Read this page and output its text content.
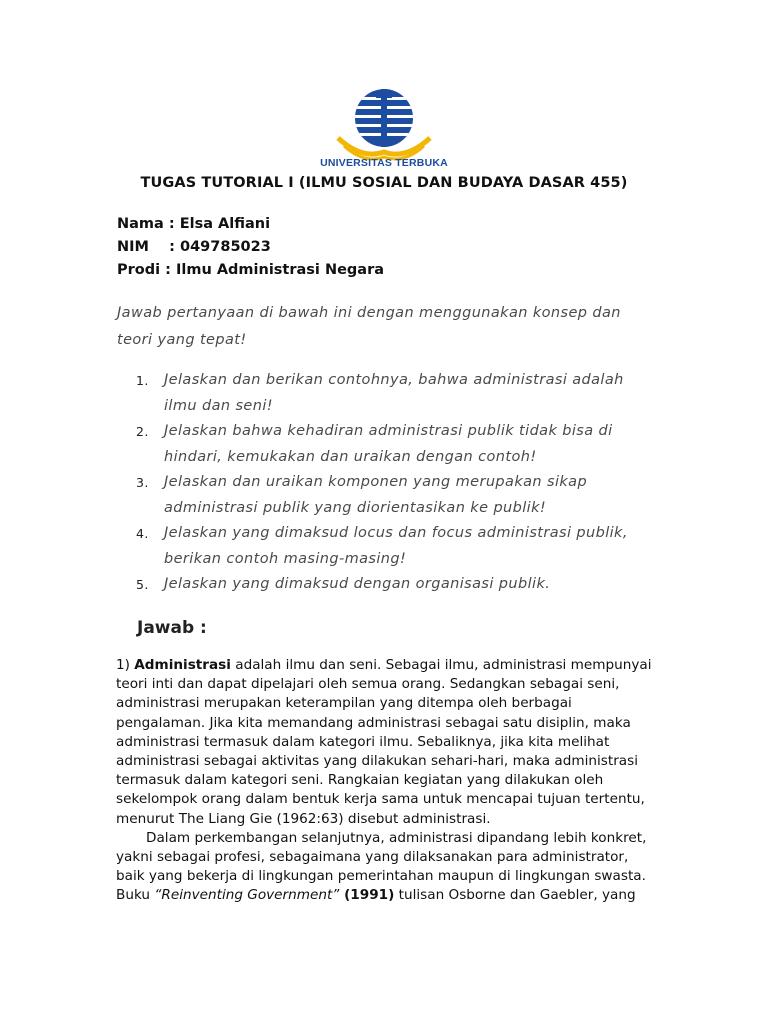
UNIVERSITAS TERBUKA
TUGAS TUTORIAL I (ILMU SOSIAL DAN BUDAYA DASAR 455)
Nama : Elsa Alfiani
NIM    : 049785023
Prodi : Ilmu Administrasi Negara
Jawab pertanyaan di bawah ini dengan menggunakan konsep dan
teori yang tepat!
1. Jelaskan dan berikan contohnya, bahwa administrasi adalah
ilmu dan seni!
2. Jelaskan bahwa kehadiran administrasi publik tidak bisa di
hindari, kemukakan dan uraikan dengan contoh!
3. Jelaskan dan uraikan komponen yang merupakan sikap
administrasi publik yang diorientasikan ke publik!
4. Jelaskan yang dimaksud locus dan focus administrasi publik,
berikan contoh masing-masing!
5. Jelaskan yang dimaksud dengan organisasi publik.
Jawab :
1) Administrasi adalah ilmu dan seni. Sebagai ilmu, administrasi mempunyai
teori inti dan dapat dipelajari oleh semua orang. Sedangkan sebagai seni,
administrasi merupakan keterampilan yang ditempa oleh berbagai
pengalaman. Jika kita memandang administrasi sebagai satu disiplin, maka
administrasi termasuk dalam kategori ilmu. Sebaliknya, jika kita melihat
administrasi sebagai aktivitas yang dilakukan sehari-hari, maka administrasi
termasuk dalam kategori seni. Rangkaian kegiatan yang dilakukan oleh
sekelompok orang dalam bentuk kerja sama untuk mencapai tujuan tertentu,
menurut The Liang Gie (1962:63) disebut administrasi.
Dalam perkembangan selanjutnya, administrasi dipandang lebih konkret,
yakni sebagai profesi, sebagaimana yang dilaksanakan para administrator,
baik yang bekerja di lingkungan pemerintahan maupun di lingkungan swasta.
Buku “Reinventing Government” (1991) tulisan Osborne dan Gaebler, yang
